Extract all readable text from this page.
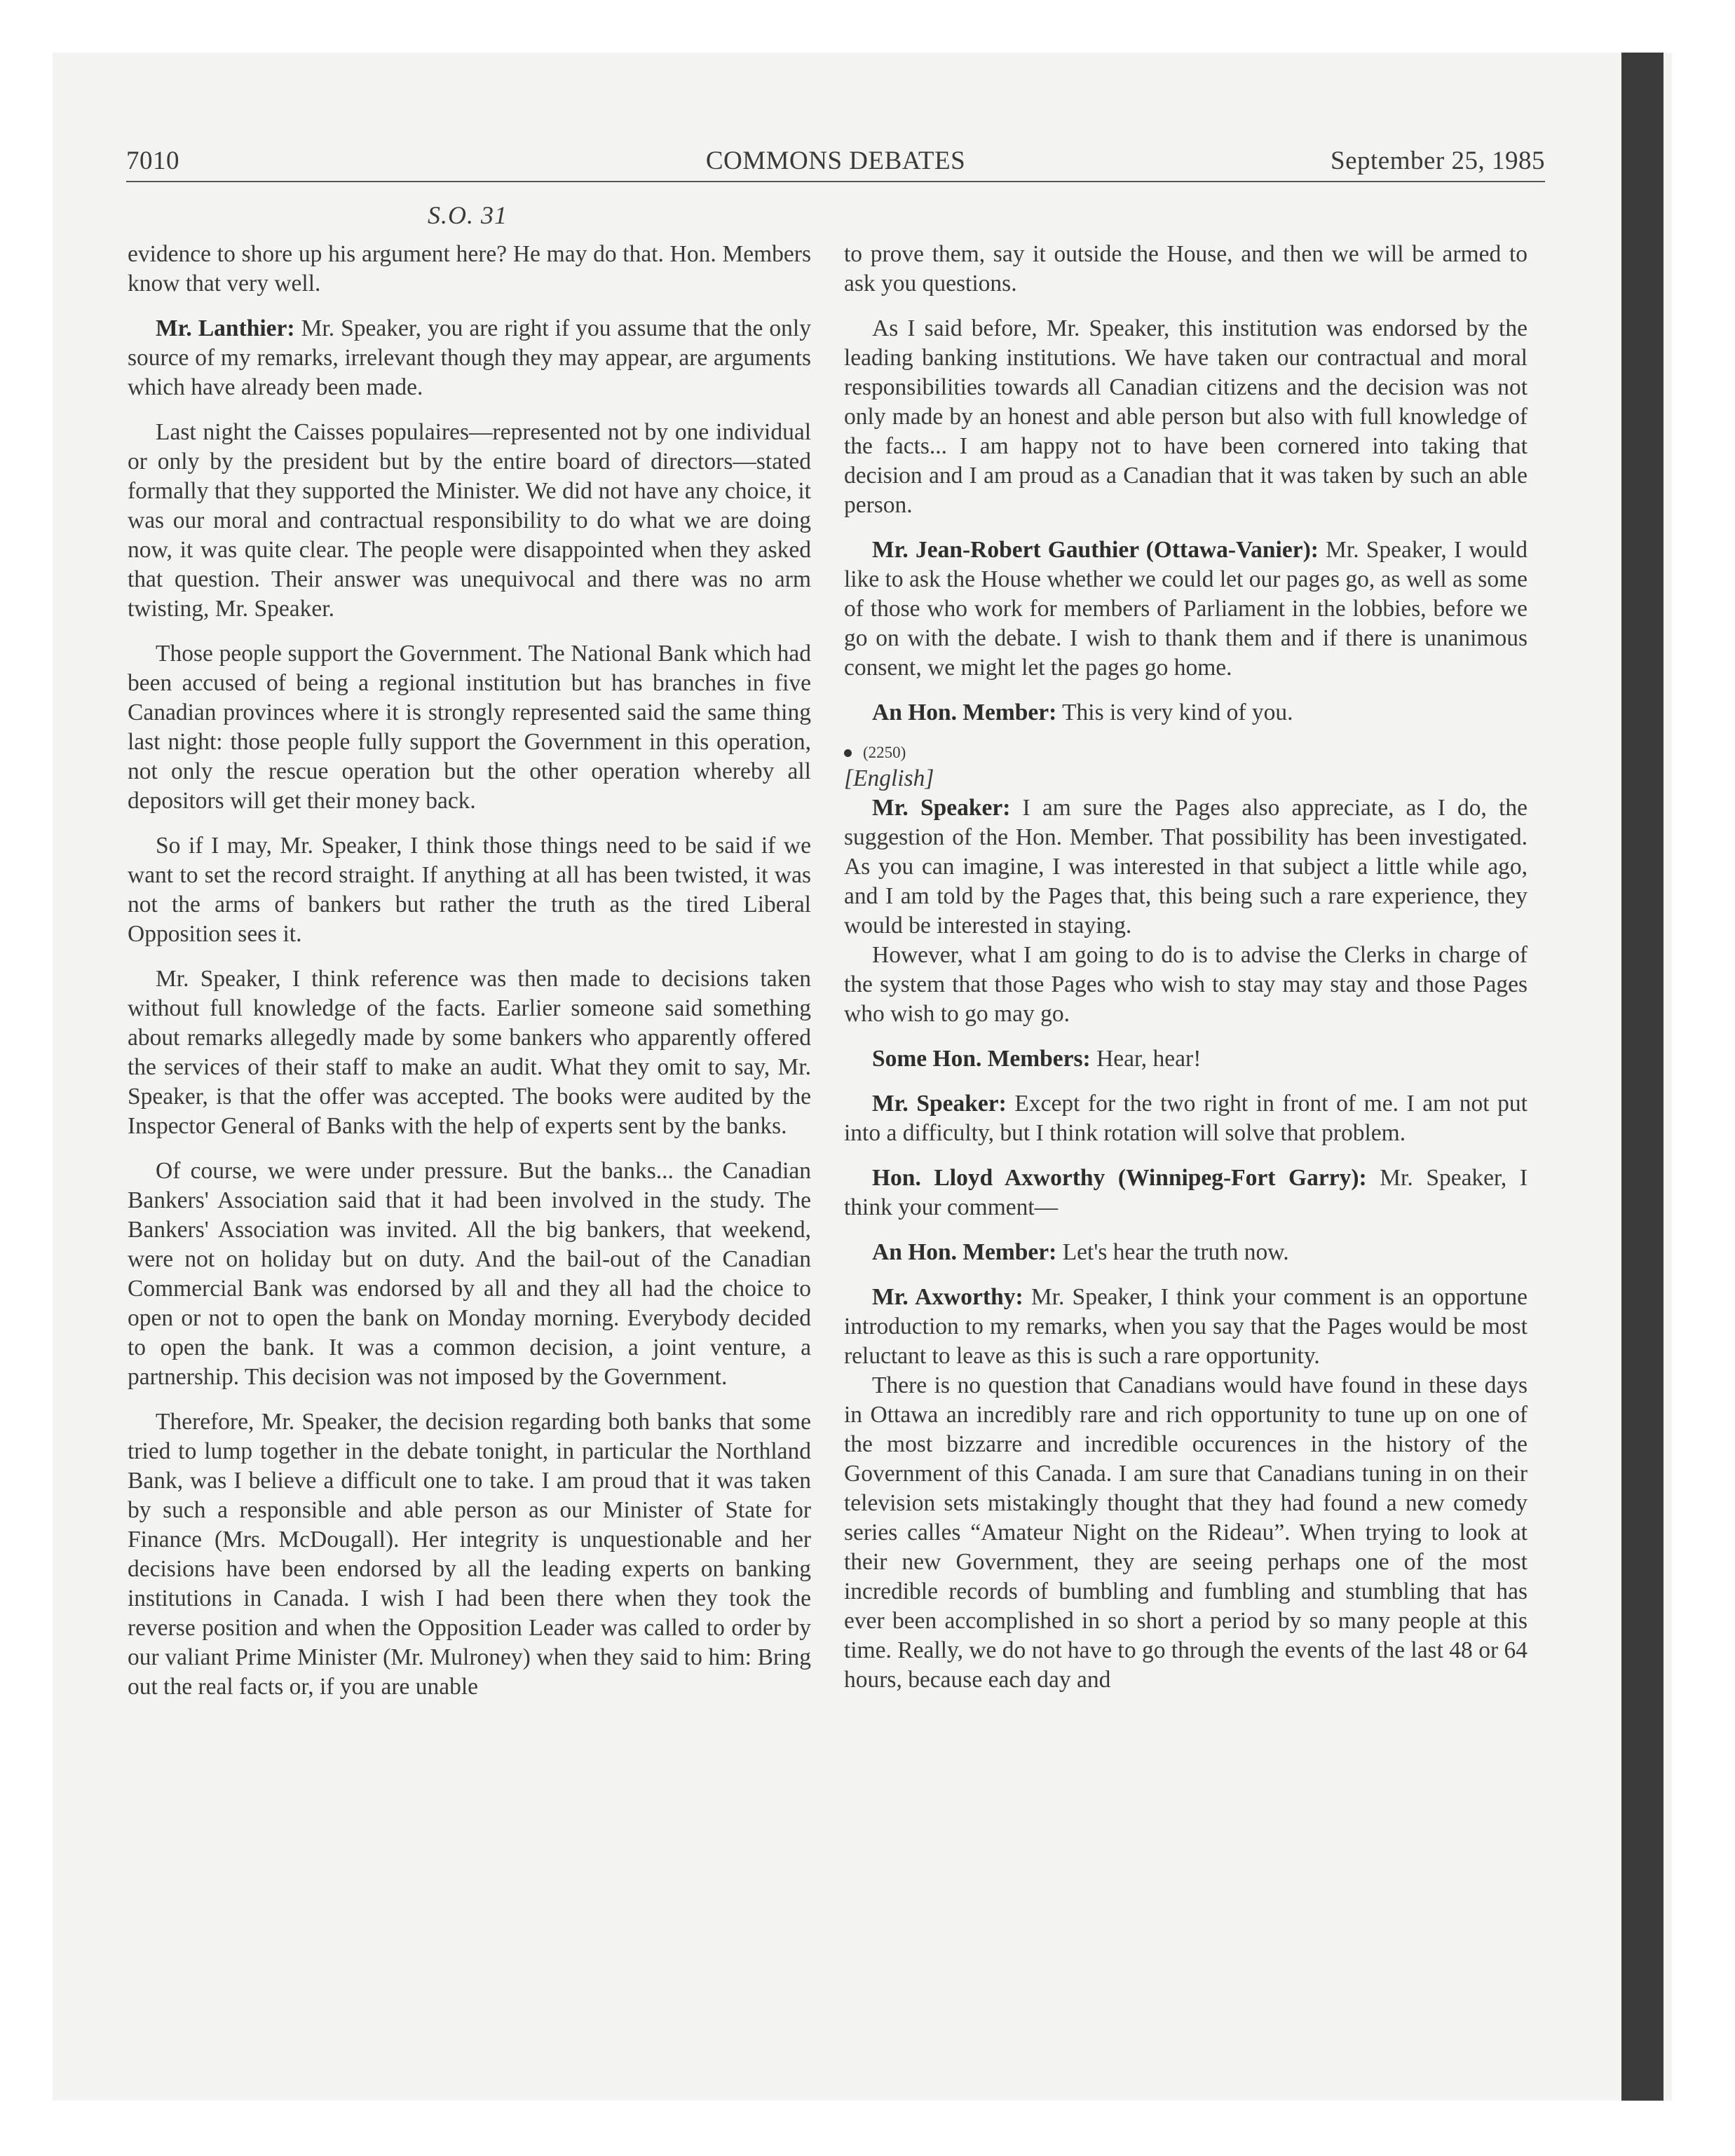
7010	COMMONS DEBATES	September 25, 1985
S.O. 31

evidence to shore up his argument here? He may do that. Hon. Members know that very well.

Mr. Lanthier: Mr. Speaker, you are right if you assume that the only source of my remarks, irrelevant though they may appear, are arguments which have already been made.

Last night the Caisses populaires—represented not by one individual or only by the president but by the entire board of directors—stated formally that they supported the Minister. We did not have any choice, it was our moral and contractual responsibility to do what we are doing now, it was quite clear. The people were disappointed when they asked that question. Their answer was unequivocal and there was no arm twisting, Mr. Speaker.

Those people support the Government. The National Bank which had been accused of being a regional institution but has branches in five Canadian provinces where it is strongly represented said the same thing last night: those people fully support the Government in this operation, not only the rescue operation but the other operation whereby all depositors will get their money back.

So if I may, Mr. Speaker, I think those things need to be said if we want to set the record straight. If anything at all has been twisted, it was not the arms of bankers but rather the truth as the tired Liberal Opposition sees it.

Mr. Speaker, I think reference was then made to decisions taken without full knowledge of the facts. Earlier someone said something about remarks allegedly made by some bankers who apparently offered the services of their staff to make an audit. What they omit to say, Mr. Speaker, is that the offer was accepted. The books were audited by the Inspector General of Banks with the help of experts sent by the banks.

Of course, we were under pressure. But the banks... the Canadian Bankers' Association said that it had been involved in the study. The Bankers' Association was invited. All the big bankers, that weekend, were not on holiday but on duty. And the bail-out of the Canadian Commercial Bank was endorsed by all and they all had the choice to open or not to open the bank on Monday morning. Everybody decided to open the bank. It was a common decision, a joint venture, a partnership. This decision was not imposed by the Government.

Therefore, Mr. Speaker, the decision regarding both banks that some tried to lump together in the debate tonight, in particular the Northland Bank, was I believe a difficult one to take. I am proud that it was taken by such a responsible and able person as our Minister of State for Finance (Mrs. McDougall). Her integrity is unquestionable and her decisions have been endorsed by all the leading experts on banking institutions in Canada. I wish I had been there when they took the reverse position and when the Opposition Leader was called to order by our valiant Prime Minister (Mr. Mulroney) when they said to him: Bring out the real facts or, if you are unable

to prove them, say it outside the House, and then we will be armed to ask you questions.

As I said before, Mr. Speaker, this institution was endorsed by the leading banking institutions. We have taken our contractual and moral responsibilities towards all Canadian citizens and the decision was not only made by an honest and able person but also with full knowledge of the facts... I am happy not to have been cornered into taking that decision and I am proud as a Canadian that it was taken by such an able person.

Mr. Jean-Robert Gauthier (Ottawa-Vanier): Mr. Speaker, I would like to ask the House whether we could let our pages go, as well as some of those who work for members of Parliament in the lobbies, before we go on with the debate. I wish to thank them and if there is unanimous consent, we might let the pages go home.

An Hon. Member: This is very kind of you.

(2250)

[English]

Mr. Speaker: I am sure the Pages also appreciate, as I do, the suggestion of the Hon. Member. That possibility has been investigated. As you can imagine, I was interested in that subject a little while ago, and I am told by the Pages that, this being such a rare experience, they would be interested in staying.

However, what I am going to do is to advise the Clerks in charge of the system that those Pages who wish to stay may stay and those Pages who wish to go may go.

Some Hon. Members: Hear, hear!

Mr. Speaker: Except for the two right in front of me. I am not put into a difficulty, but I think rotation will solve that problem.

Hon. Lloyd Axworthy (Winnipeg-Fort Garry): Mr. Speaker, I think your comment—

An Hon. Member: Let's hear the truth now.

Mr. Axworthy: Mr. Speaker, I think your comment is an opportune introduction to my remarks, when you say that the Pages would be most reluctant to leave as this is such a rare opportunity.

There is no question that Canadians would have found in these days in Ottawa an incredibly rare and rich opportunity to tune up on one of the most bizzarre and incredible occurences in the history of the Government of this Canada. I am sure that Canadians tuning in on their television sets mistakingly thought that they had found a new comedy series calles “Amateur Night on the Rideau”. When trying to look at their new Government, they are seeing perhaps one of the most incredible records of bumbling and fumbling and stumbling that has ever been accomplished in so short a period by so many people at this time. Really, we do not have to go through the events of the last 48 or 64 hours, because each day and
